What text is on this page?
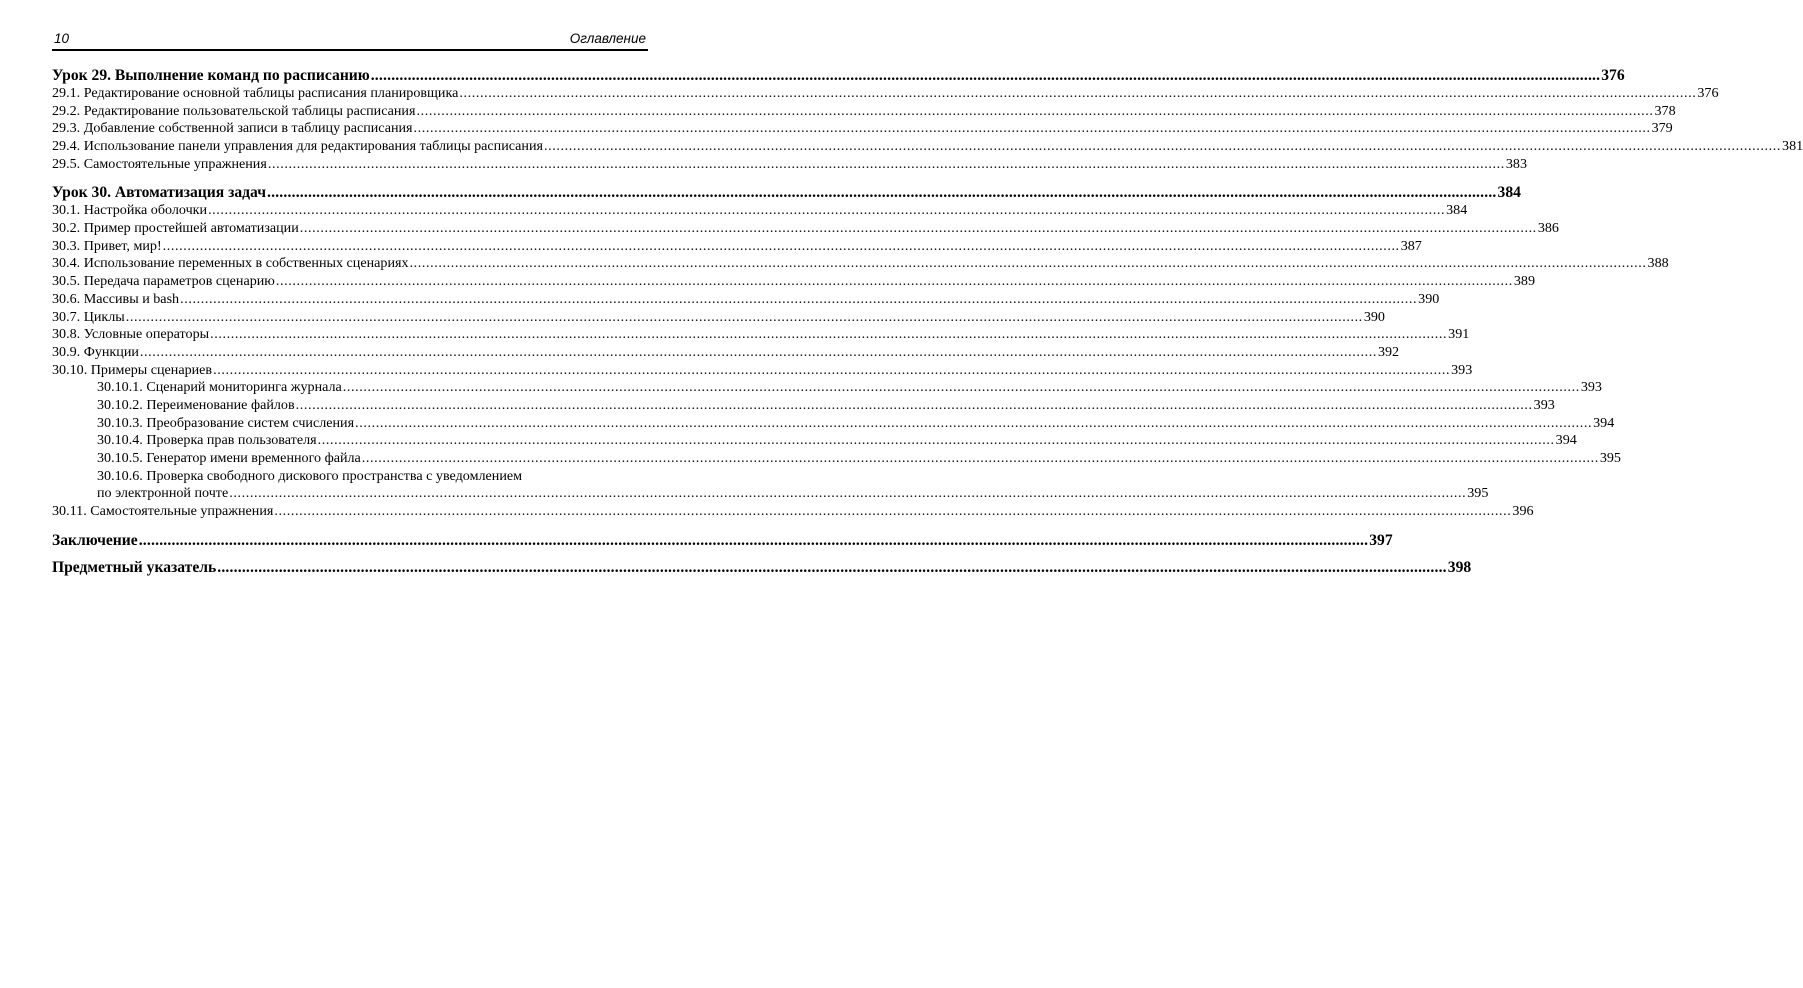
10	Оглавление
Урок 29. Выполнение команд по расписанию ............................................................................................................................................................................................................................................................................................................ 376
29.1. Редактирование основной таблицы расписания планировщика ............................................................................................................................................................................................................................................................................................................ 376
29.2. Редактирование пользовательской таблицы расписания ............................................................................................................................................................................................................................................................................................................ 378
29.3. Добавление собственной записи в таблицу расписания ............................................................................................................................................................................................................................................................................................................ 379
29.4. Использование панели управления для редактирования таблицы расписания ............................................................................................................................................................................................................................................................................................................ 381
29.5. Самостоятельные упражнения ............................................................................................................................................................................................................................................................................................................ 383
Урок 30. Автоматизация задач ............................................................................................................................................................................................................................................................................................................ 384
30.1. Настройка оболочки ............................................................................................................................................................................................................................................................................................................ 384
30.2. Пример простейшей автоматизации ............................................................................................................................................................................................................................................................................................................ 386
30.3. Привет, мир! ............................................................................................................................................................................................................................................................................................................ 387
30.4. Использование переменных в собственных сценариях ............................................................................................................................................................................................................................................................................................................ 388
30.5. Передача параметров сценарию ............................................................................................................................................................................................................................................................................................................ 389
30.6. Массивы и bash ............................................................................................................................................................................................................................................................................................................ 390
30.7. Циклы ............................................................................................................................................................................................................................................................................................................ 390
30.8. Условные операторы ............................................................................................................................................................................................................................................................................................................ 391
30.9. Функции ............................................................................................................................................................................................................................................................................................................ 392
30.10. Примеры сценариев ............................................................................................................................................................................................................................................................................................................ 393
30.10.1. Сценарий мониторинга журнала ............................................................................................................................................................................................................................................................................................................ 393
30.10.2. Переименование файлов ............................................................................................................................................................................................................................................................................................................ 393
30.10.3. Преобразование систем счисления ............................................................................................................................................................................................................................................................................................................ 394
30.10.4. Проверка прав пользователя ............................................................................................................................................................................................................................................................................................................ 394
30.10.5. Генератор имени временного файла ............................................................................................................................................................................................................................................................................................................ 395
30.10.6. Проверка свободного дискового пространства с уведомлением
по электронной почте ............................................................................................................................................................................................................................................................................................................ 395
30.11. Самостоятельные упражнения ............................................................................................................................................................................................................................................................................................................ 396
Заключение ............................................................................................................................................................................................................................................................................................................ 397
Предметный указатель ............................................................................................................................................................................................................................................................................................................ 398
